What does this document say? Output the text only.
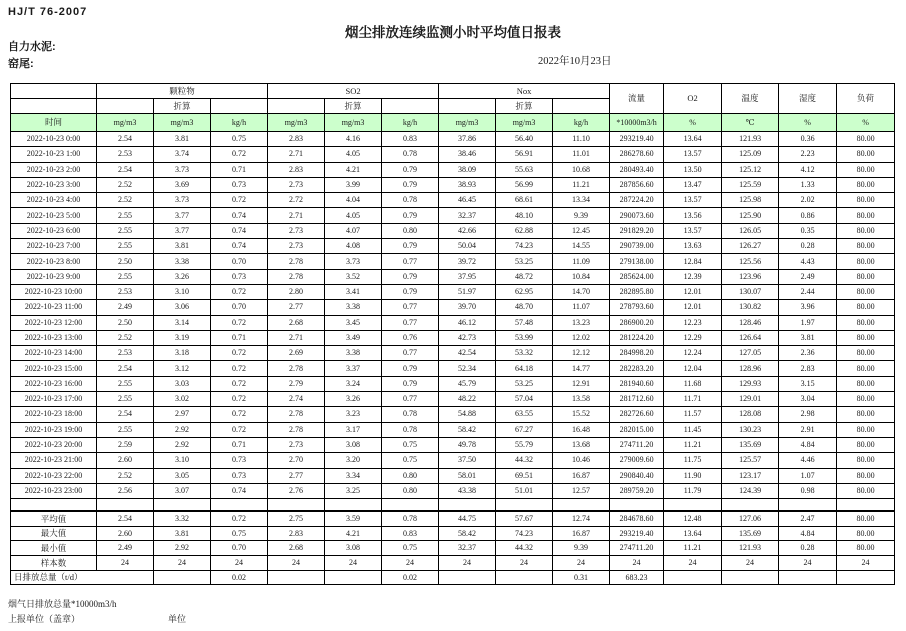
HJ/T 76-2007
烟尘排放连续监测小时平均值日报表
自力水泥:
窑尾:	2022年10月23日
	颗粒物			SO2			Nox			流量	O2	温度	湿度	负荷
		折算			折算			折算						
时间	mg/m3	mg/m3	kg/h	mg/m3	mg/m3	kg/h	mg/m3	mg/m3	kg/h	*10000m3/h	%	℃	%	%
2022-10-23 0:00	2.54	3.81	0.75	2.83	4.16	0.83	37.86	56.40	11.10	293219.40	13.64	121.93	0.36	80.00
2022-10-23 1:00	2.53	3.74	0.72	2.71	4.05	0.78	38.46	56.91	11.01	286278.60	13.57	125.09	2.23	80.00
2022-10-23 2:00	2.54	3.73	0.71	2.83	4.21	0.79	38.09	55.63	10.68	280493.40	13.50	125.12	4.12	80.00
2022-10-23 3:00	2.52	3.69	0.73	2.73	3.99	0.79	38.93	56.99	11.21	287856.60	13.47	125.59	1.33	80.00
2022-10-23 4:00	2.52	3.73	0.72	2.72	4.04	0.78	46.45	68.61	13.34	287224.20	13.57	125.98	2.02	80.00
2022-10-23 5:00	2.55	3.77	0.74	2.71	4.05	0.79	32.37	48.10	9.39	290073.60	13.56	125.90	0.86	80.00
2022-10-23 6:00	2.55	3.77	0.74	2.73	4.07	0.80	42.66	62.88	12.45	291829.20	13.57	126.05	0.35	80.00
2022-10-23 7:00	2.55	3.81	0.74	2.73	4.08	0.79	50.04	74.23	14.55	290739.00	13.63	126.27	0.28	80.00
2022-10-23 8:00	2.50	3.38	0.70	2.78	3.73	0.77	39.72	53.25	11.09	279138.00	12.84	125.56	4.43	80.00
2022-10-23 9:00	2.55	3.26	0.73	2.78	3.52	0.79	37.95	48.72	10.84	285624.00	12.39	123.96	2.49	80.00
2022-10-23 10:00	2.53	3.10	0.72	2.80	3.41	0.79	51.97	62.95	14.70	282895.80	12.01	130.07	2.44	80.00
2022-10-23 11:00	2.49	3.06	0.70	2.77	3.38	0.77	39.70	48.70	11.07	278793.60	12.01	130.82	3.96	80.00
2022-10-23 12:00	2.50	3.14	0.72	2.68	3.45	0.77	46.12	57.48	13.23	286900.20	12.23	128.46	1.97	80.00
2022-10-23 13:00	2.52	3.19	0.71	2.71	3.49	0.76	42.73	53.99	12.02	281224.20	12.29	126.64	3.81	80.00
2022-10-23 14:00	2.53	3.18	0.72	2.69	3.38	0.77	42.54	53.32	12.12	284998.20	12.24	127.05	2.36	80.00
2022-10-23 15:00	2.54	3.12	0.72	2.78	3.37	0.79	52.34	64.18	14.77	282283.20	12.04	128.96	2.83	80.00
2022-10-23 16:00	2.55	3.03	0.72	2.79	3.24	0.79	45.79	53.25	12.91	281940.60	11.68	129.93	3.15	80.00
2022-10-23 17:00	2.55	3.02	0.72	2.74	3.26	0.77	48.22	57.04	13.58	281712.60	11.71	129.01	3.04	80.00
2022-10-23 18:00	2.54	2.97	0.72	2.78	3.23	0.78	54.88	63.55	15.52	282726.60	11.57	128.08	2.98	80.00
2022-10-23 19:00	2.55	2.92	0.72	2.78	3.17	0.78	58.42	67.27	16.48	282015.00	11.45	130.23	2.91	80.00
2022-10-23 20:00	2.59	2.92	0.71	2.73	3.08	0.75	49.78	55.79	13.68	274711.20	11.21	135.69	4.84	80.00
2022-10-23 21:00	2.60	3.10	0.73	2.70	3.20	0.75	37.50	44.32	10.46	279009.60	11.75	125.57	4.46	80.00
2022-10-23 22:00	2.52	3.05	0.73	2.77	3.34	0.80	58.01	69.51	16.87	290840.40	11.90	123.17	1.07	80.00
2022-10-23 23:00	2.56	3.07	0.74	2.76	3.25	0.80	43.38	51.01	12.57	289759.20	11.79	124.39	0.98	80.00

平均值	2.54	3.32	0.72	2.75	3.59	0.78	44.75	57.67	12.74	284678.60	12.48	127.06	2.47	80.00
最大值	2.60	3.81	0.75	2.83	4.21	0.83	58.42	74.23	16.87	293219.40	13.64	135.69	4.84	80.00
最小值	2.49	2.92	0.70	2.68	3.08	0.75	32.37	44.32	9.39	274711.20	11.21	121.93	0.28	80.00
样本数	24	24	24	24	24	24	24	24	24	24	24	24	24	24
日排放总量（t/d）			0.02			0.02			0.31	683.23				
烟气日排放总量*10000m3/h
上报单位（盖章）	单位
